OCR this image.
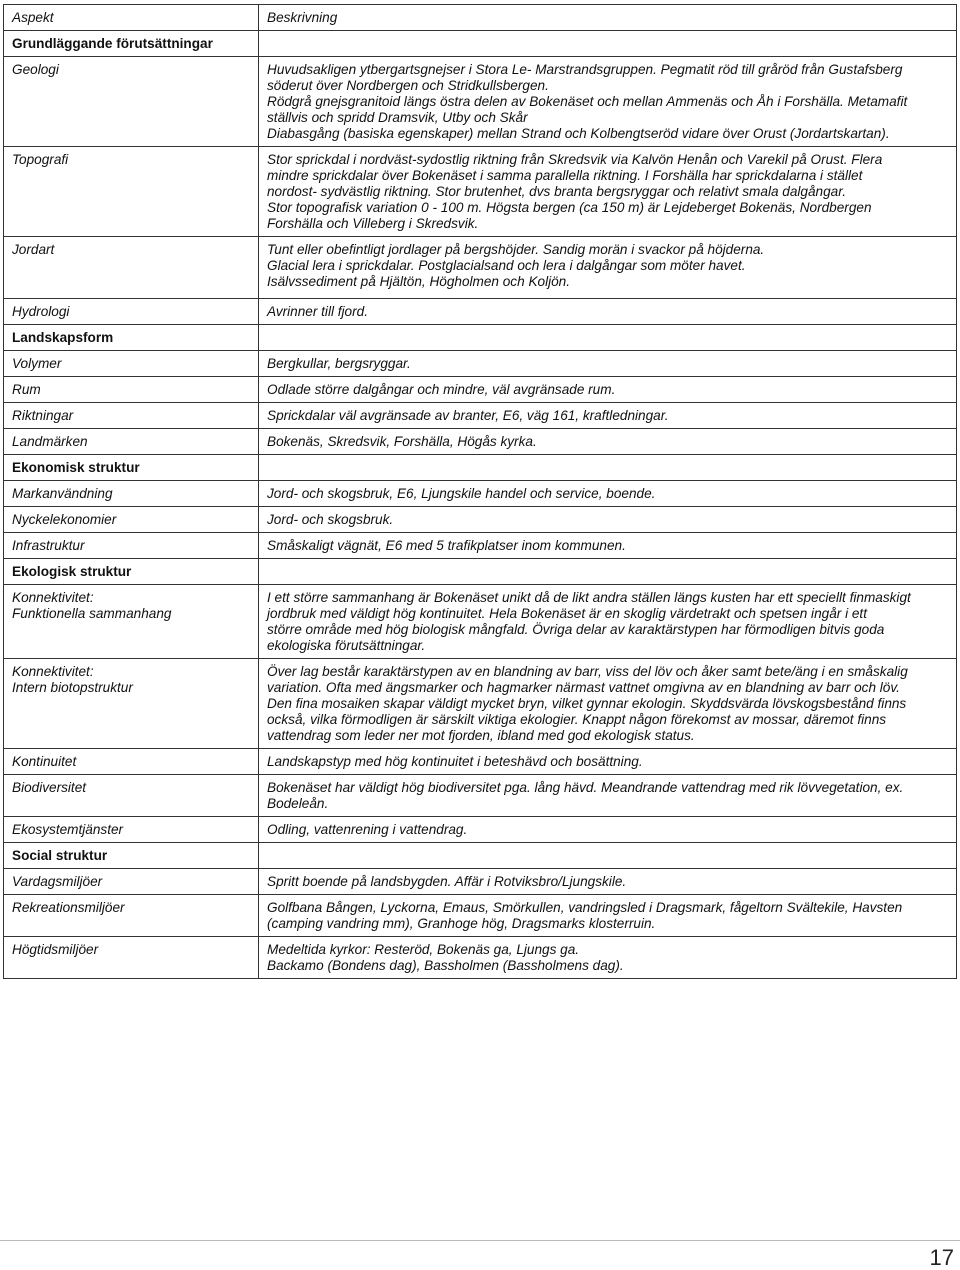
Aspekt	Beskrivning
Grundläggande förutsättningar	
Geologi	Huvudsakligen ytbergartsgnejser i Stora Le- Marstrandsgruppen. Pegmatit röd till gråröd från Gustafsberg
söderut över Nordbergen och Stridkullsbergen.
Rödgrå gnejsgranitoid längs östra delen av Bokenäset och mellan Ammenäs och Åh i Forshälla. Metamafit
ställvis och spridd Dramsvik, Utby och Skår
Diabasgång (basiska egenskaper) mellan Strand och Kolbengtseröd vidare över Orust (Jordartskartan).

Topografi	Stor sprickdal i nordväst-sydostlig riktning från Skredsvik via Kalvön Henån och Varekil på Orust. Flera
mindre sprickdalar över Bokenäset i samma parallella riktning. I Forshälla har sprickdalarna i stället
nordost- sydvästlig riktning. Stor brutenhet, dvs branta bergsryggar och relativt smala dalgångar.
Stor topografisk variation 0 - 100 m. Högsta bergen (ca 150 m) är Lejdeberget Bokenäs, Nordbergen
Forshälla och Villeberg i Skredsvik.

Jordart	Tunt eller obefintligt jordlager på bergshöjder. Sandig morän i svackor på höjderna.
Glacial lera i sprickdalar. Postglacialsand och lera i dalgångar som möter havet.
Isälvssediment på Hjältön, Högholmen och Koljön.

Hydrologi	Avrinner till fjord.

Landskapsform	
Volymer	Bergkullar, bergsryggar.

Rum	Odlade större dalgångar och mindre, väl avgränsade rum.

Riktningar	Sprickdalar väl avgränsade av branter, E6, väg 161, kraftledningar.

Landmärken	Bokenäs, Skredsvik, Forshälla, Högås kyrka.

Ekonomisk struktur	
Markanvändning	Jord- och skogsbruk, E6, Ljungskile handel och service, boende.

Nyckelekonomier	Jord- och skogsbruk.

Infrastruktur	Småskaligt vägnät, E6 med 5 trafikplatser inom kommunen.

Ekologisk struktur	
Konnektivitet:
Funktionella sammanhang	I ett större sammanhang är Bokenäset unikt då de likt andra ställen längs kusten har ett speciellt finmaskigt
jordbruk med väldigt hög kontinuitet. Hela Bokenäset är en skoglig värdetrakt och spetsen ingår i ett
större område med hög biologisk mångfald. Övriga delar av karaktärstypen har förmodligen bitvis goda
ekologiska förutsättningar.

Konnektivitet:
Intern biotopstruktur	Över lag består karaktärstypen av en blandning av barr, viss del löv och åker samt bete/äng i en småskalig
variation. Ofta med ängsmarker och hagmarker närmast vattnet omgivna av en blandning av barr och löv.
Den fina mosaiken skapar väldigt mycket bryn, vilket gynnar ekologin. Skyddsvärda lövskogsbestånd finns
också, vilka förmodligen är särskilt viktiga ekologier. Knappt någon förekomst av mossar, däremot finns
vattendrag som leder ner mot fjorden, ibland med god ekologisk status.

Kontinuitet	Landskapstyp med hög kontinuitet i beteshävd och bosättning.

Biodiversitet	Bokenäset har väldigt hög biodiversitet pga. lång hävd. Meandrande vattendrag med rik lövvegetation, ex.
Bodeleån.

Ekosystemtjänster	Odling, vattenrening i vattendrag.

Social struktur	
Vardagsmiljöer	Spritt boende på landsbygden. Affär i Rotviksbro/Ljungskile.

Rekreationsmiljöer	Golfbana Bången, Lyckorna, Emaus, Smörkullen, vandringsled i Dragsmark, fågeltorn Svältekile, Havsten
(camping vandring mm), Granhoge hög, Dragsmarks klosterruin.

Högtidsmiljöer	Medeltida kyrkor: Resteröd, Bokenäs ga, Ljungs ga.
Backamo (Bondens dag), Bassholmen (Bassholmens dag).
17
